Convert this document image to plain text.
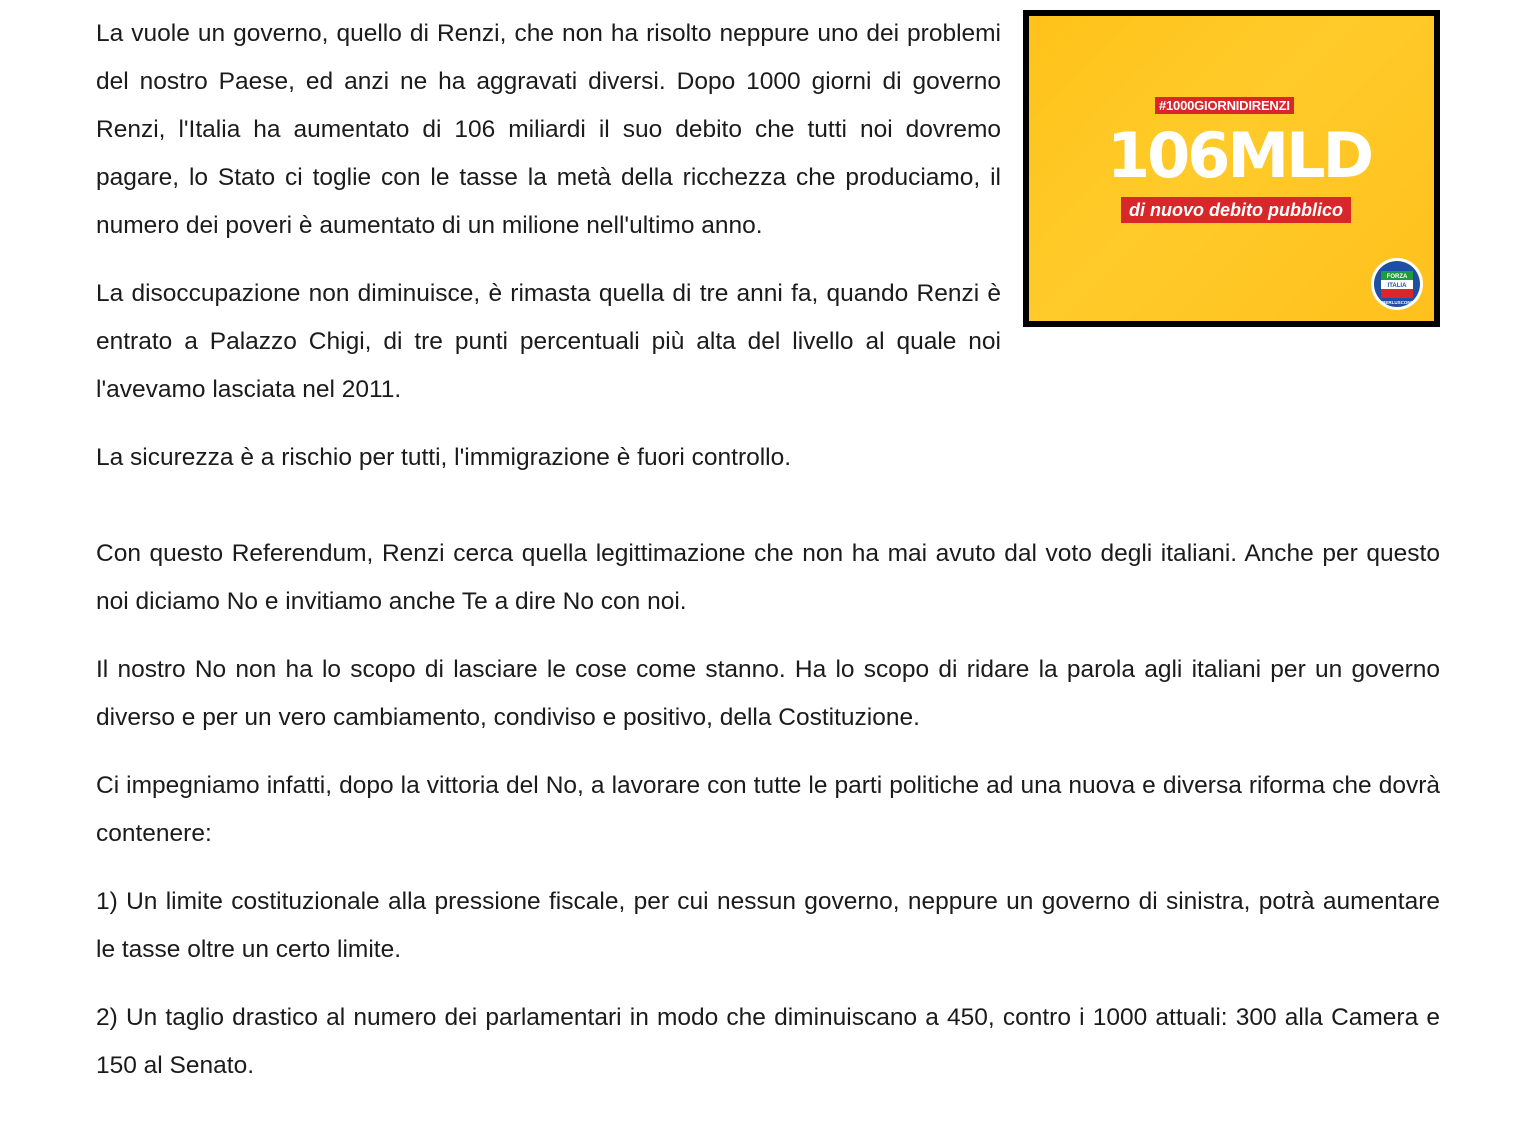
#1000GIORNIDIRENZI
106MLD
di nuovo debito pubblico
FORZA
ITALIA
BERLUSCONI

La vuole un governo, quello di Renzi, che non ha risolto neppure uno dei problemi del nostro Paese, ed anzi ne ha aggravati diversi. Dopo 1000 giorni di governo Renzi, l'Italia ha aumentato di 106 miliardi il suo debito che tutti noi dovremo pagare, lo Stato ci toglie con le tasse la metà della ricchezza che produciamo, il numero dei poveri è aumentato di un milione nell'ultimo anno.

La disoccupazione non diminuisce, è rimasta quella di tre anni fa, quando Renzi è entrato a Palazzo Chigi, di tre punti percentuali più alta del livello al quale noi l'avevamo lasciata nel 2011.

La sicurezza è a rischio per tutti, l'immigrazione è fuori controllo.

Con questo Referendum, Renzi cerca quella legittimazione che non ha mai avuto dal voto degli italiani. Anche per questo noi diciamo No e invitiamo anche Te a dire No con noi.

Il nostro No non ha lo scopo di lasciare le cose come stanno. Ha lo scopo di ridare la parola agli italiani per un governo diverso e per un vero cambiamento, condiviso e positivo, della Costituzione.

Ci impegniamo infatti, dopo la vittoria del No, a lavorare con tutte le parti politiche ad una nuova e diversa riforma che dovrà contenere:

1) Un limite costituzionale alla pressione fiscale, per cui nessun governo, neppure un governo di sinistra, potrà aumentare le tasse oltre un certo limite.

2) Un taglio drastico al numero dei parlamentari in modo che diminuiscano a 450, contro i 1000 attuali: 300 alla Camera e 150 al Senato.
